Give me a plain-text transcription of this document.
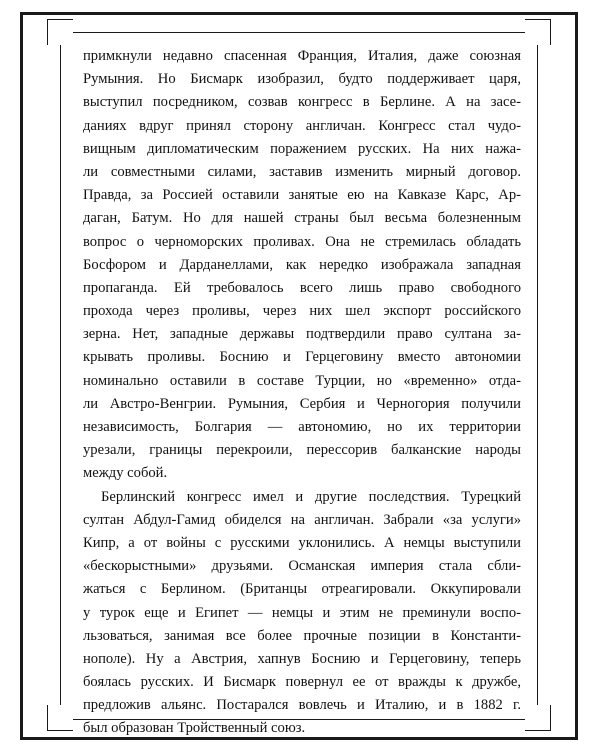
примкнули недавно спасенная Франция, Италия, даже союзная
Румыния. Но Бисмарк изобразил, будто поддерживает царя,
выступил посредником, созвав конгресс в Берлине. А на засе-
даниях вдруг принял сторону англичан. Конгресс стал чудо-
вищным дипломатическим поражением русских. На них нажа-
ли совместными силами, заставив изменить мирный договор.
Правда, за Россией оставили занятые ею на Кавказе Карс, Ар-
даган, Батум. Но для нашей страны был весьма болезненным
вопрос о черноморских проливах. Она не стремилась обладать
Босфором и Дарданеллами, как нередко изображала западная
пропаганда. Ей требовалось всего лишь право свободного
прохода через проливы, через них шел экспорт российского
зерна. Нет, западные державы подтвердили право султана за-
крывать проливы. Боснию и Герцеговину вместо автономии
номинально оставили в составе Турции, но «временно» отда-
ли Австро-Венгрии. Румыния, Сербия и Черногория получили
независимость, Болгария — автономию, но их территории
урезали, границы перекроили, перессорив балканские народы
между собой.
Берлинский конгресс имел и другие последствия. Турецкий
султан Абдул-Гамид обиделся на англичан. Забрали «за услуги»
Кипр, а от войны с русскими уклонились. А немцы выступили
«бескорыстными» друзьями. Османская империя стала сбли-
жаться с Берлином. (Британцы отреагировали. Оккупировали
у турок еще и Египет — немцы и этим не преминули воспо-
льзоваться, занимая все более прочные позиции в Константи-
нополе). Ну а Австрия, хапнув Боснию и Герцеговину, теперь
боялась русских. И Бисмарк повернул ее от вражды к дружбе,
предложив альянс. Постарался вовлечь и Италию, и в 1882 г.
был образован Тройственный союз.
